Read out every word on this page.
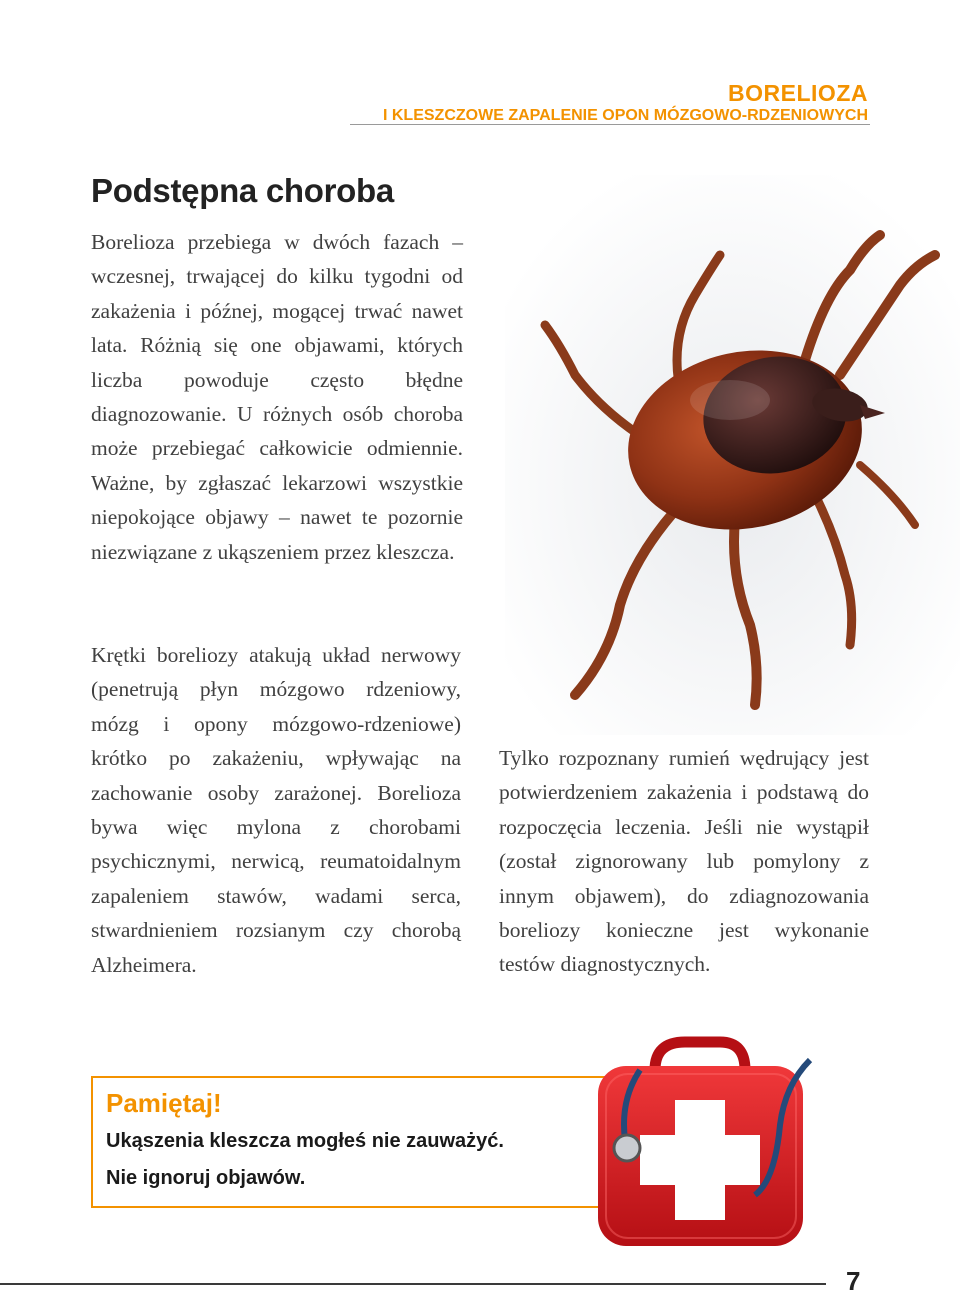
BORELIOZA
I KLESZCZOWE ZAPALENIE OPON MÓZGOWO-RDZENIOWYCH
Podstępna choroba

Borelioza przebiega w dwóch fazach – wczesnej, trwającej do kilku tygodni od zakażenia i późnej, mogącej trwać nawet lata. Różnią się one objawami, których liczba powoduje często błędne diagnozowanie. U różnych osób choroba może przebiegać całkowicie odmiennie. Ważne, by zgłaszać lekarzowi wszystkie niepokojące objawy – nawet te pozornie niezwiązane z ukąszeniem przez kleszcza.

Krętki boreliozy atakują układ nerwowy (penetrują płyn mózgowo rdzeniowy, mózg i opony mózgowo-rdzeniowe) krótko po zakażeniu, wpływając na zachowanie osoby zarażonej. Borelioza bywa więc mylona z chorobami psychicznymi, nerwicą, reumatoidalnym zapaleniem stawów, wadami serca, stwardnieniem rozsianym czy chorobą Alzheimera.

Tylko rozpoznany rumień wędrujący jest potwierdzeniem zakażenia i podstawą do rozpoczęcia leczenia. Jeśli nie wystąpił (został zignorowany lub pomylony z innym objawem), do zdiagnozowania boreliozy konieczne jest wykonanie testów diagnostycznych.

Pamiętaj!
Ukąszenia kleszcza mogłeś nie zauważyć.
Nie ignoruj objawów.
7
